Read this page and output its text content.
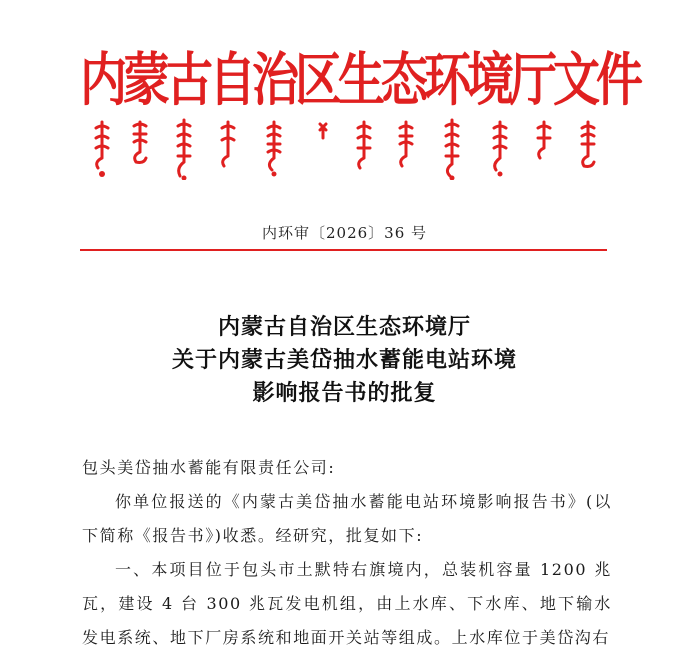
内蒙古自治区生态环境厅文件
内环审〔2026〕36 号
内蒙古自治区生态环境厅
关于内蒙古美岱抽水蓄能电站环境
影响报告书的批复

包头美岱抽水蓄能有限责任公司:

你单位报送的《内蒙古美岱抽水蓄能电站环境影响报告书》(以下简称《报告书》)收悉。经研究，批复如下:

一、本项目位于包头市土默特右旗境内，总装机容量 1200 兆瓦，建设 4 台 300 兆瓦发电机组，由上水库、下水库、地下输水发电系统、地下厂房系统和地面开关站等组成。上水库位于美岱沟右
